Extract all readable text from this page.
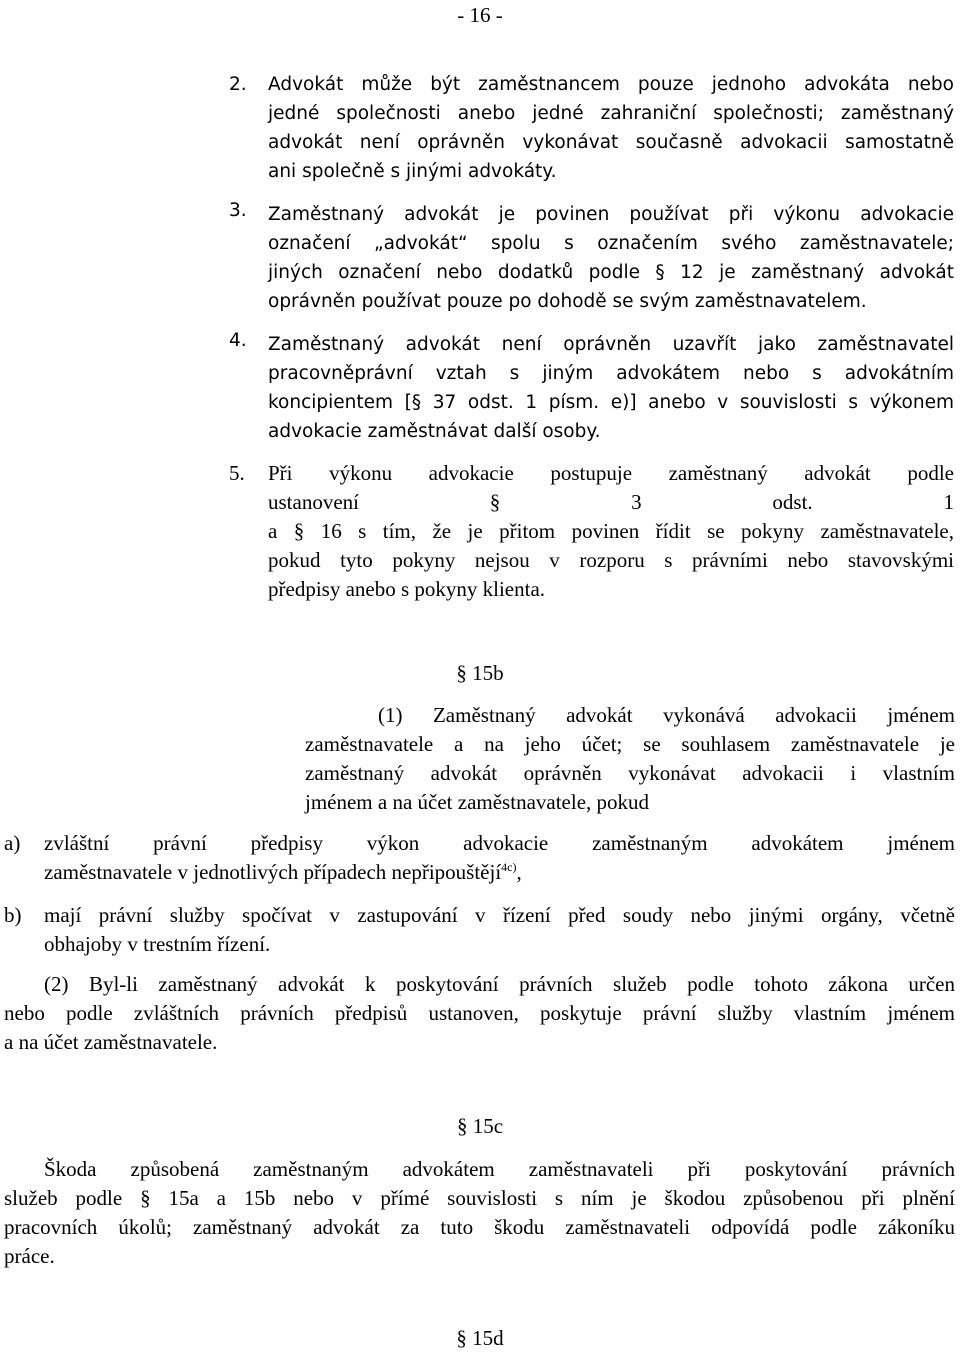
- 16 -
2. Advokát může být zaměstnancem pouze jednoho advokáta nebo
jedné společnosti anebo jedné zahraniční společnosti; zaměstnaný
advokát není oprávněn vykonávat současně advokacii samostatně
ani společně s jinými advokáty.
3. Zaměstnaný advokát je povinen používat při výkonu advokacie
označení „advokát“ spolu s označením svého zaměstnavatele;
jiných označení nebo dodatků podle § 12 je zaměstnaný advokát
oprávněn používat pouze po dohodě se svým zaměstnavatelem.
4. Zaměstnaný advokát není oprávněn uzavřít jako zaměstnavatel
pracovněprávní vztah s jiným advokátem nebo s advokátním
koncipientem [§ 37 odst. 1 písm. e)] anebo v souvislosti s výkonem
advokacie zaměstnávat další osoby.
5. Při výkonu advokacie postupuje zaměstnaný advokát podle
ustanovení § 3 odst. 1
a § 16 s tím, že je přitom povinen řídit se pokyny zaměstnavatele,
pokud tyto pokyny nejsou v rozporu s právními nebo stavovskými
předpisy anebo s pokyny klienta.
§ 15b
(1) Zaměstnaný advokát vykonává advokacii jménem
zaměstnavatele a na jeho účet; se souhlasem zaměstnavatele je
zaměstnaný advokát oprávněn vykonávat advokacii i vlastním
jménem a na účet zaměstnavatele, pokud
a) zvláštní právní předpisy výkon advokacie zaměstnaným advokátem jménem
zaměstnavatele v jednotlivých případech nepřipouštějí$^{4c)}$,
b) mají právní služby spočívat v zastupování v řízení před soudy nebo jinými orgány, včetně
obhajoby v trestním řízení.
(2) Byl-li zaměstnaný advokát k poskytování právních služeb podle tohoto zákona určen
nebo podle zvláštních právních předpisů ustanoven, poskytuje právní služby vlastním jménem
a na účet zaměstnavatele.
§ 15c
Škoda způsobená zaměstnaným advokátem zaměstnavateli při poskytování právních
služeb podle § 15a a 15b nebo v přímé souvislosti s ním je škodou způsobenou při plnění
pracovních úkolů; zaměstnaný advokát za tuto škodu zaměstnavateli odpovídá podle zákoníku
práce.
§ 15d
